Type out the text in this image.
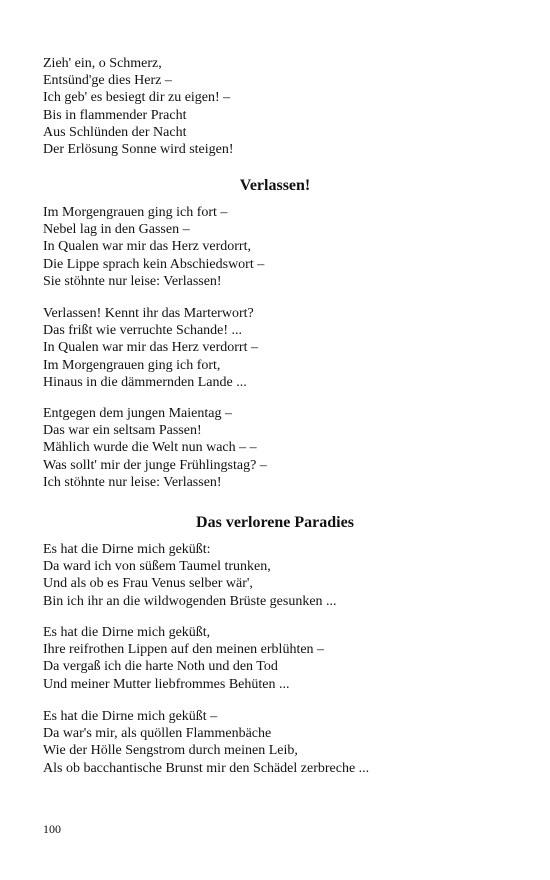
Zieh' ein, o Schmerz,
Entsünd'ge dies Herz –
Ich geb' es besiegt dir zu eigen! –
Bis in flammender Pracht
Aus Schlünden der Nacht
Der Erlösung Sonne wird steigen!
Verlassen!
Im Morgengrauen ging ich fort –
Nebel lag in den Gassen –
In Qualen war mir das Herz verdorrt,
Die Lippe sprach kein Abschiedswort –
Sie stöhnte nur leise: Verlassen!
Verlassen! Kennt ihr das Marterwort?
Das frißt wie verruchte Schande! ...
In Qualen war mir das Herz verdorrt –
Im Morgengrauen ging ich fort,
Hinaus in die dämmernden Lande ...
Entgegen dem jungen Maientag –
Das war ein seltsam Passen!
Mählich wurde die Welt nun wach – –
Was sollt' mir der junge Frühlingstag? –
Ich stöhnte nur leise: Verlassen!
Das verlorene Paradies
Es hat die Dirne mich geküßt:
Da ward ich von süßem Taumel trunken,
Und als ob es Frau Venus selber wär',
Bin ich ihr an die wildwogenden Brüste gesunken ...
Es hat die Dirne mich geküßt,
Ihre reifrothen Lippen auf den meinen erblühten –
Da vergaß ich die harte Noth und den Tod
Und meiner Mutter liebfrommes Behüten ...
Es hat die Dirne mich geküßt –
Da war's mir, als quöllen Flammenbäche
Wie der Hölle Sengstrom durch meinen Leib,
Als ob bacchantische Brunst mir den Schädel zerbreche ...
100
